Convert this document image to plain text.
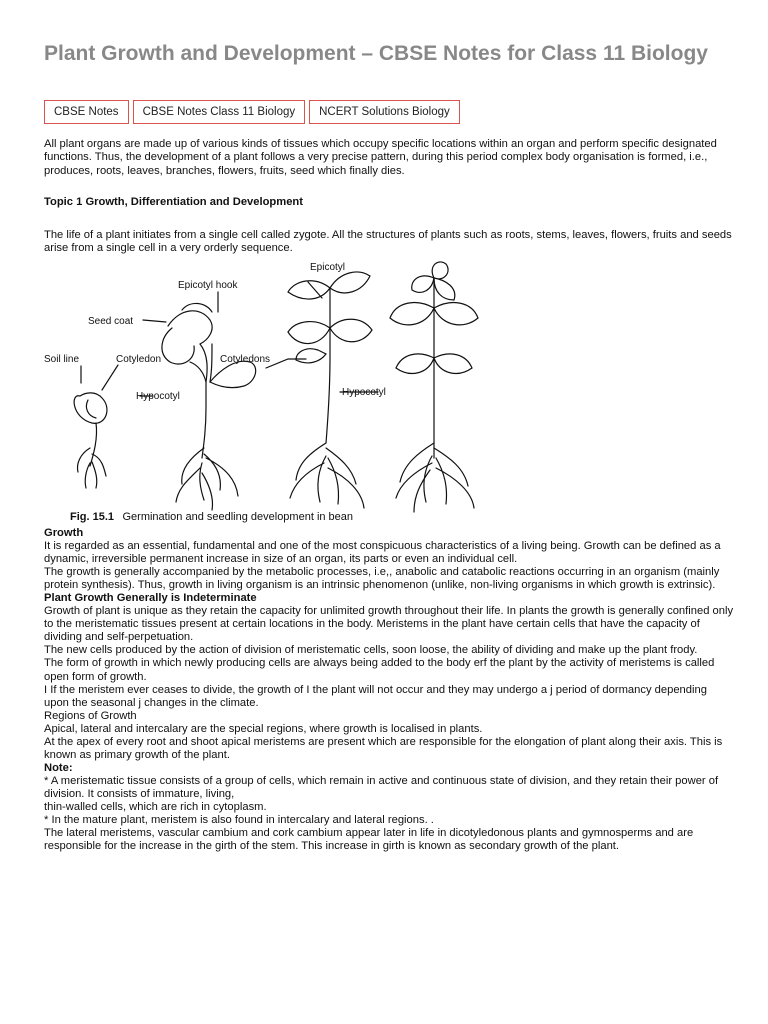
Plant Growth and Development – CBSE Notes for Class 11 Biology
CBSE Notes	CBSE Notes Class 11 Biology	NCERT Solutions Biology

All plant organs are made up of various kinds of tissues which occupy specific locations within an organ and perform specific designated functions. Thus, the development of a plant follows a very precise pattern, during this period complex body organisation is formed, i.e., produces, roots, leaves, branches, flowers, fruits, seed which finally dies.

Topic 1 Growth, Differentiation and Development

The life of a plant initiates from a single cell called zygote. All the structures of plants such as roots, stems, leaves, flowers, fruits and seeds arise from a single cell in a very orderly sequence.

Epicotyl
Epicotyl hook
Seed coat
Soil line	Cotyledon	Cotyledons
Hypocotyl	Hypocotyl
Fig. 15.1 Germination and seedling development in bean
Growth
It is regarded as an essential, fundamental and one of the most conspicuous characteristics of a living being. Growth can be defined as a dynamic, irreversible permanent increase in size of an organ, its parts or even an individual cell.
The growth is generally accompanied by the metabolic processes, i.e,, anabolic and catabolic reactions occurring in an organism (mainly protein synthesis). Thus, growth in living organism is an intrinsic phenomenon (unlike, non-living organisms in which growth is extrinsic).
Plant Growth Generally is Indeterminate
Growth of plant is unique as they retain the capacity for unlimited growth throughout their life. In plants the growth is generally confined only to the meristematic tissues present at certain locations in the body. Meristems in the plant have certain cells that have the capacity of dividing and self-perpetuation.
The new cells produced by the action of division of meristematic cells, soon loose, the ability of dividing and make up the plant frody.
The form of growth in which newly producing cells are always being added to the body erf the plant by the activity of meristems is called open form of growth.
I If the meristem ever ceases to divide, the growth of I the plant will not occur and they may undergo a j period of dormancy depending upon the seasonal j changes in the climate.
Regions of Growth
Apical, lateral and intercalary are the special regions, where growth is localised in plants.
At the apex of every root and shoot apical meristems are present which are responsible for the elongation of plant along their axis. This is known as primary growth of the plant.
Note:
* A meristematic tissue consists of a group of cells, which remain in active and continuous state of division, and they retain their power of division. It consists of immature, living,
thin-walled cells, which are rich in cytoplasm.
* In the mature plant, meristem is also found in intercalary and lateral regions. .
The lateral meristems, vascular cambium and cork cambium appear later in life in dicotyledonous plants and gymnosperms and are responsible for the increase in the girth of the stem. This increase in girth is known as secondary growth of the plant.
